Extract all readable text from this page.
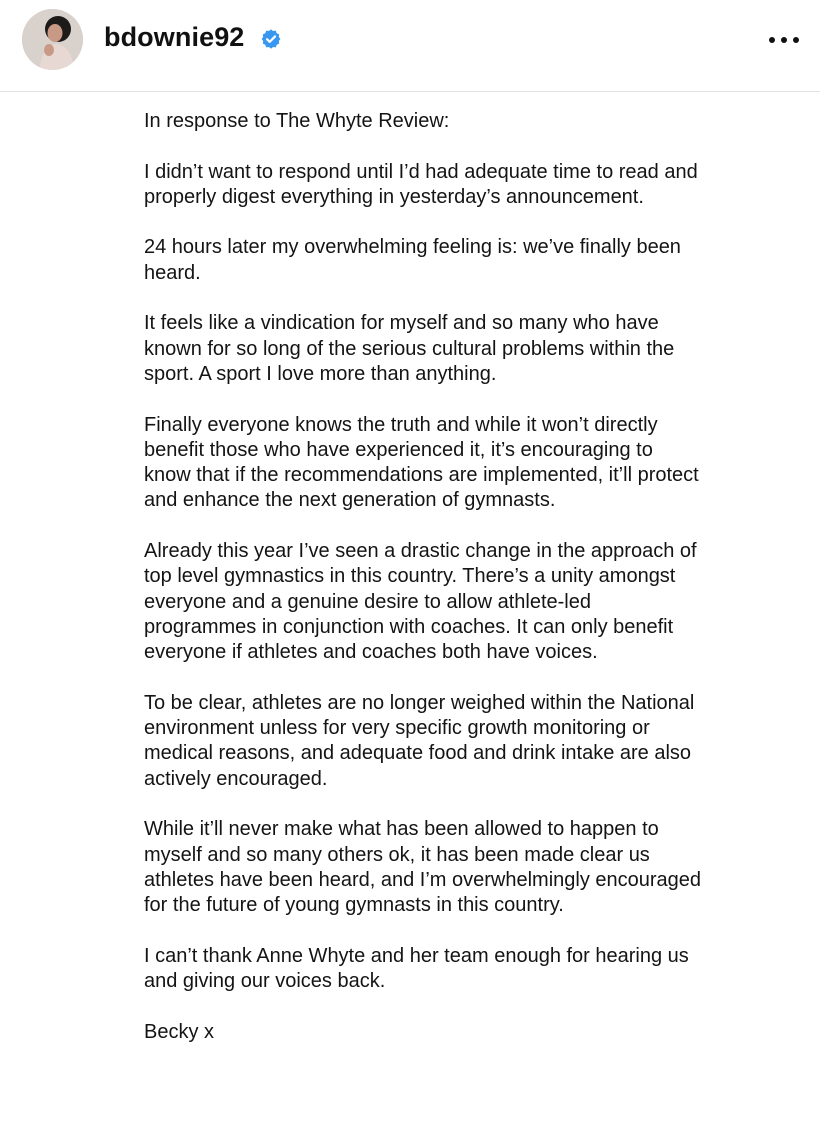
bdownie92

In response to The Whyte Review:

I didn’t want to respond until I’d had adequate time to read and properly digest everything in yesterday’s announcement.

24 hours later my overwhelming feeling is: we’ve finally been heard.

It feels like a vindication for myself and so many who have known for so long of the serious cultural problems within the sport. A sport I love more than anything.

Finally everyone knows the truth and while it won’t directly benefit those who have experienced it, it’s encouraging to know that if the recommendations are implemented, it’ll protect and enhance the next generation of gymnasts.

Already this year I’ve seen a drastic change in the approach of top level gymnastics in this country. There’s a unity amongst everyone and a genuine desire to allow athlete-led programmes in conjunction with coaches. It can only benefit everyone if athletes and coaches both have voices.

To be clear, athletes are no longer weighed within the National environment unless for very specific growth monitoring or medical reasons, and adequate food and drink intake are also actively encouraged.

While it’ll never make what has been allowed to happen to myself and so many others ok, it has been made clear us athletes have been heard, and I’m overwhelmingly encouraged for the future of young gymnasts in this country.

I can’t thank Anne Whyte and her team enough for hearing us and giving our voices back.

Becky x
